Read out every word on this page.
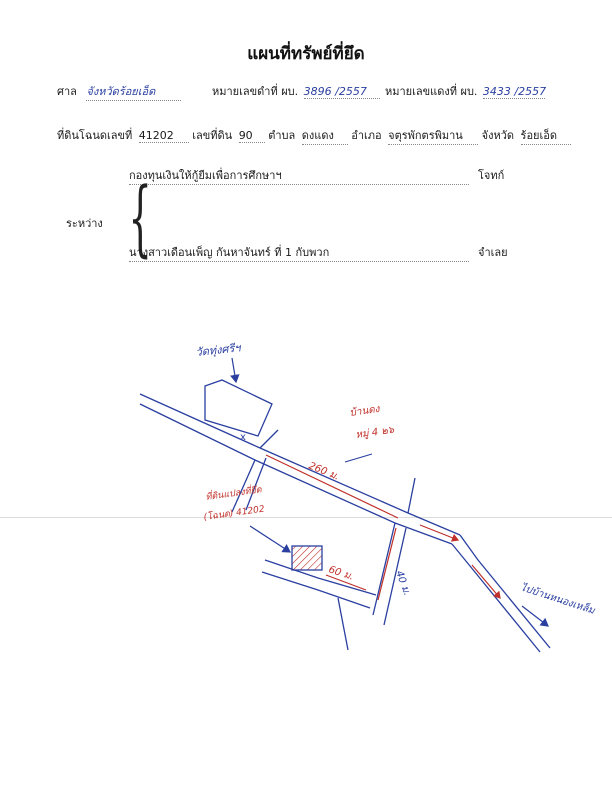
แผนที่ทรัพย์ที่ยึด
ศาล จังหวัดร้อยเอ็ด	หมายเลขดำที่ ผบ. 3896 /2557	หมายเลขแดงที่ ผบ. 3433 /2557
ที่ดินโฉนดเลขที่ 41202 เลขที่ดิน 90 ตำบล ดงแดง อำเภอ จตุรพักตรพิมาน จังหวัด ร้อยเอ็ด
กองทุนเงินให้กู้ยืมเพื่อการศึกษาฯ	โจทก์
ระหว่าง {
นางสาวเดือนเพ็ญ กันหาจันทร์ ที่ 1 กับพวก	จำเลย
วัดทุ่งศรีฯ
x
บ้านดง
หมู่ 4 ๒๖
260 ม.
ที่ดินแปลงที่ยึด
(โฉนด) 41202
60 ม.	40 ม.	ไปบ้านหนองเหล็ม
